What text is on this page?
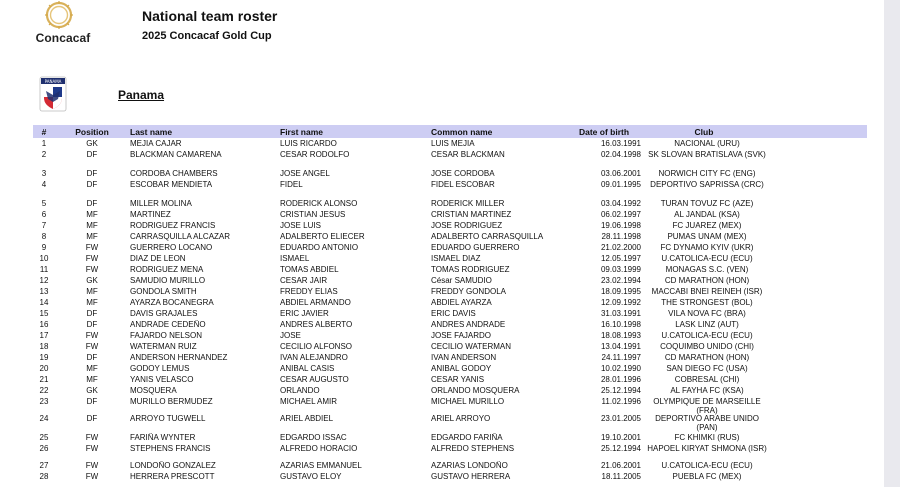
Concacaf
National team roster
2025 Concacaf Gold Cup
PANAMA
Panama
#	Position	Last name	First name	Common name	Date of birth	Club
1	GK	MEJIA CAJAR	LUIS RICARDO	LUIS MEJIA	16.03.1991	NACIONAL (URU)
2	DF	BLACKMAN CAMARENA	CESAR RODOLFO	CESAR BLACKMAN	02.04.1998 SK SLOVAN BRATISLAVA (SVK)
3	DF	CORDOBA CHAMBERS	JOSE ANGEL	JOSE CORDOBA	03.06.2001	NORWICH CITY FC (ENG)
4	DF	ESCOBAR MENDIETA	FIDEL	FIDEL ESCOBAR	09.01.1995	DEPORTIVO SAPRISSA (CRC)
5	DF	MILLER MOLINA	RODERICK ALONSO	RODERICK MILLER	03.04.1992	TURAN TOVUZ FC (AZE)
6	MF	MARTINEZ	CRISTIAN JESUS	CRISTIAN MARTINEZ	06.02.1997	AL JANDAL (KSA)
7	MF	RODRIGUEZ FRANCIS	JOSE LUIS	JOSE RODRIGUEZ	19.06.1998	FC JUAREZ (MEX)
8	MF	CARRASQUILLA ALCAZAR	ADALBERTO ELIECER	ADALBERTO CARRASQUILLA	28.11.1998	PUMAS UNAM (MEX)
9	FW	GUERRERO LOCANO	EDUARDO ANTONIO	EDUARDO GUERRERO	21.02.2000	FC DYNAMO KYIV (UKR)
10	FW	DIAZ DE LEON	ISMAEL	ISMAEL DIAZ	12.05.1997	U.CATOLICA-ECU (ECU)
11	FW	RODRIGUEZ MENA	TOMAS ABDIEL	TOMAS RODRIGUEZ	09.03.1999	MONAGAS S.C. (VEN)
12	GK	SAMUDIO MURILLO	CESAR JAIR	César SAMUDIO	23.02.1994	CD MARATHON (HON)
13	MF	GONDOLA SMITH	FREDDY ELIAS	FREDDY GONDOLA	18.09.1995	MACCABI BNEI REINEH (ISR)
14	MF	AYARZA BOCANEGRA	ABDIEL ARMANDO	ABDIEL AYARZA	12.09.1992	THE STRONGEST (BOL)
15	DF	DAVIS GRAJALES	ERIC JAVIER	ERIC DAVIS	31.03.1991	VILA NOVA FC (BRA)
16	DF	ANDRADE CEDEÑO	ANDRES ALBERTO	ANDRES ANDRADE	16.10.1998	LASK LINZ (AUT)
17	FW	FAJARDO NELSON	JOSE	JOSE FAJARDO	18.08.1993	U.CATOLICA-ECU (ECU)
18	FW	WATERMAN RUIZ	CECILIO ALFONSO	CECILIO WATERMAN	13.04.1991	COQUIMBO UNIDO (CHI)
19	DF	ANDERSON HERNANDEZ	IVAN ALEJANDRO	IVAN ANDERSON	24.11.1997	CD MARATHON (HON)
20	MF	GODOY LEMUS	ANIBAL CASIS	ANIBAL GODOY	10.02.1990	SAN DIEGO FC (USA)
21	MF	YANIS VELASCO	CESAR AUGUSTO	CESAR YANIS	28.01.1996	COBRESAL (CHI)
22	GK	MOSQUERA	ORLANDO	ORLANDO MOSQUERA	25.12.1994	AL FAYHA FC (KSA)
23	DF	MURILLO BERMUDEZ	MICHAEL AMIR	MICHAEL MURILLO	11.02.1996	OLYMPIQUE DE MARSEILLE (FRA)
24	DF	ARROYO TUGWELL	ARIEL ABDIEL	ARIEL ARROYO	23.01.2005	DEPORTIVO ARABE UNIDO (PAN)
25	FW	FARIÑA WYNTER	EDGARDO ISSAC	EDGARDO FARIÑA	19.10.2001	FC KHIMKI (RUS)
26	FW	STEPHENS FRANCIS	ALFREDO HORACIO	ALFREDO STEPHENS	25.12.1994 HAPOEL KIRYAT SHMONA (ISR)
27	FW	LONDOÑO GONZALEZ	AZARIAS EMMANUEL	AZARIAS LONDOÑO	21.06.2001	U.CATOLICA-ECU (ECU)
28	FW	HERRERA PRESCOTT	GUSTAVO ELOY	GUSTAVO HERRERA	18.11.2005	PUEBLA FC (MEX)
